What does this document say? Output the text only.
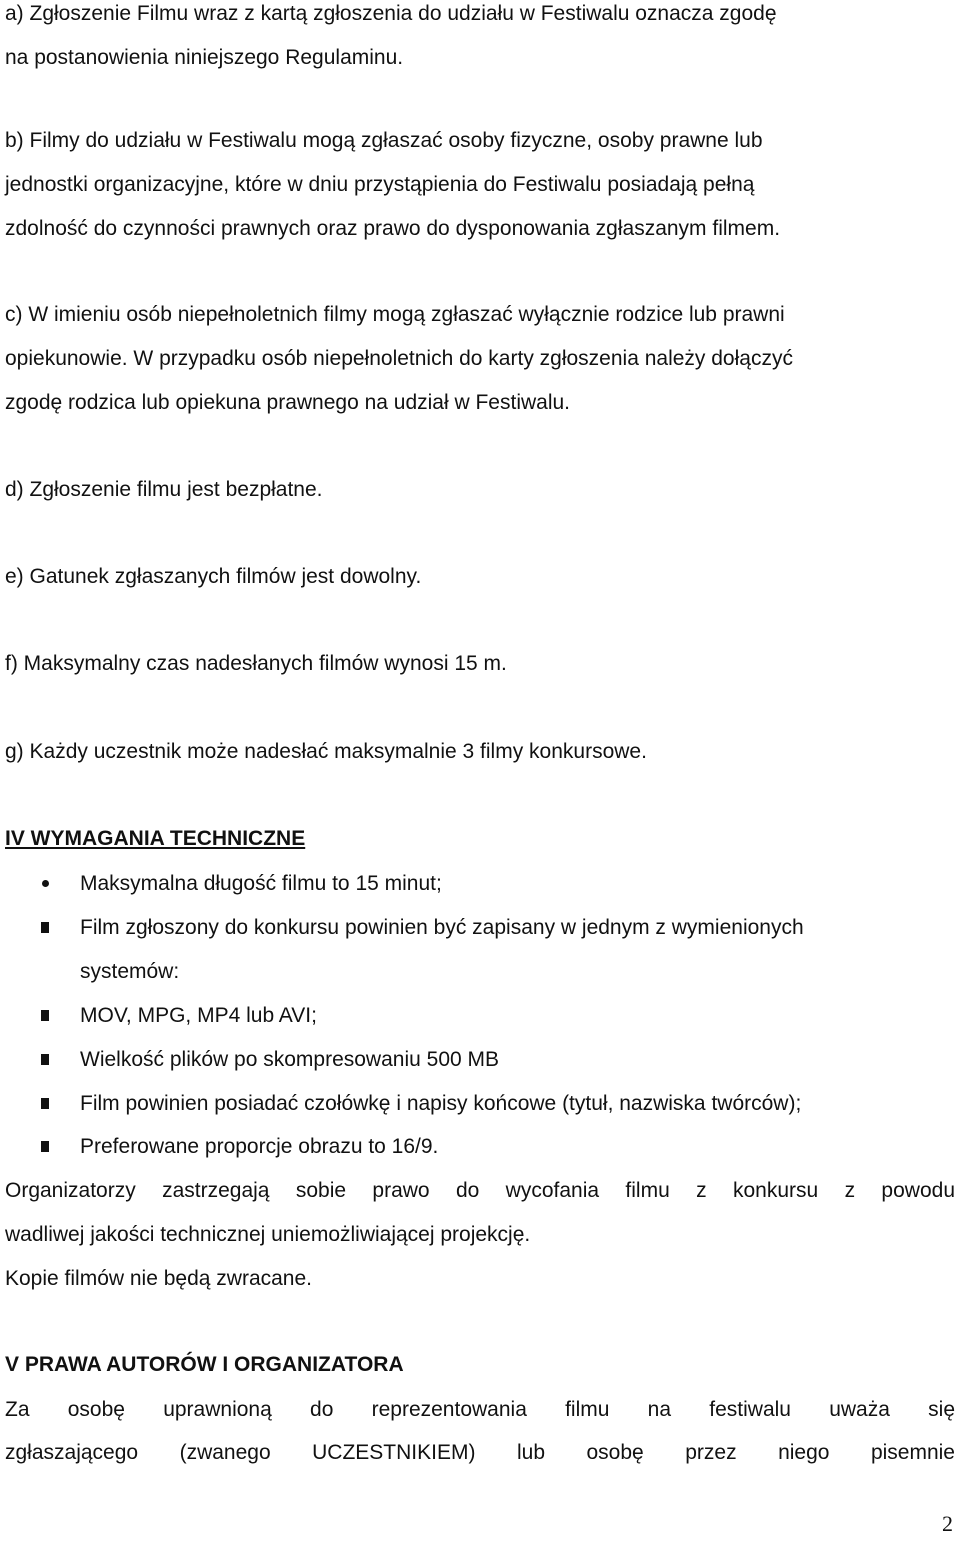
a) Zgłoszenie Filmu wraz z kartą zgłoszenia do udziału w Festiwalu oznacza zgodę
na postanowienia niniejszego Regulaminu.
b) Filmy do udziału w Festiwalu mogą zgłaszać osoby fizyczne, osoby prawne lub
jednostki organizacyjne, które w dniu przystąpienia do Festiwalu posiadają pełną
zdolność do czynności prawnych oraz prawo do dysponowania zgłaszanym filmem.
c) W imieniu osób niepełnoletnich filmy mogą zgłaszać wyłącznie rodzice lub prawni
opiekunowie. W przypadku osób niepełnoletnich do karty zgłoszenia należy dołączyć
zgodę rodzica lub opiekuna prawnego na udział w Festiwalu.
d) Zgłoszenie filmu jest bezpłatne.
e) Gatunek zgłaszanych filmów jest dowolny.
f) Maksymalny czas nadesłanych filmów wynosi 15 m.
g) Każdy uczestnik może nadesłać maksymalnie 3 filmy konkursowe.
IV WYMAGANIA TECHNICZNE
Maksymalna długość filmu to 15 minut;
Film zgłoszony do konkursu powinien być zapisany w jednym z wymienionych
systemów:
MOV, MPG, MP4 lub AVI;
Wielkość plików po skompresowaniu 500 MB
Film powinien posiadać czołówkę i napisy końcowe (tytuł, nazwiska twórców);
Preferowane proporcje obrazu to 16/9.
Organizatorzy zastrzegają sobie prawo do wycofania filmu z konkursu z powodu
wadliwej jakości technicznej uniemożliwiającej projekcję.
Kopie filmów nie będą zwracane.
V PRAWA AUTORÓW I ORGANIZATORA
Za osobę uprawnioną do reprezentowania filmu na festiwalu uważa się
zgłaszającego (zwanego UCZESTNIKIEM) lub osobę przez niego pisemnie
2
